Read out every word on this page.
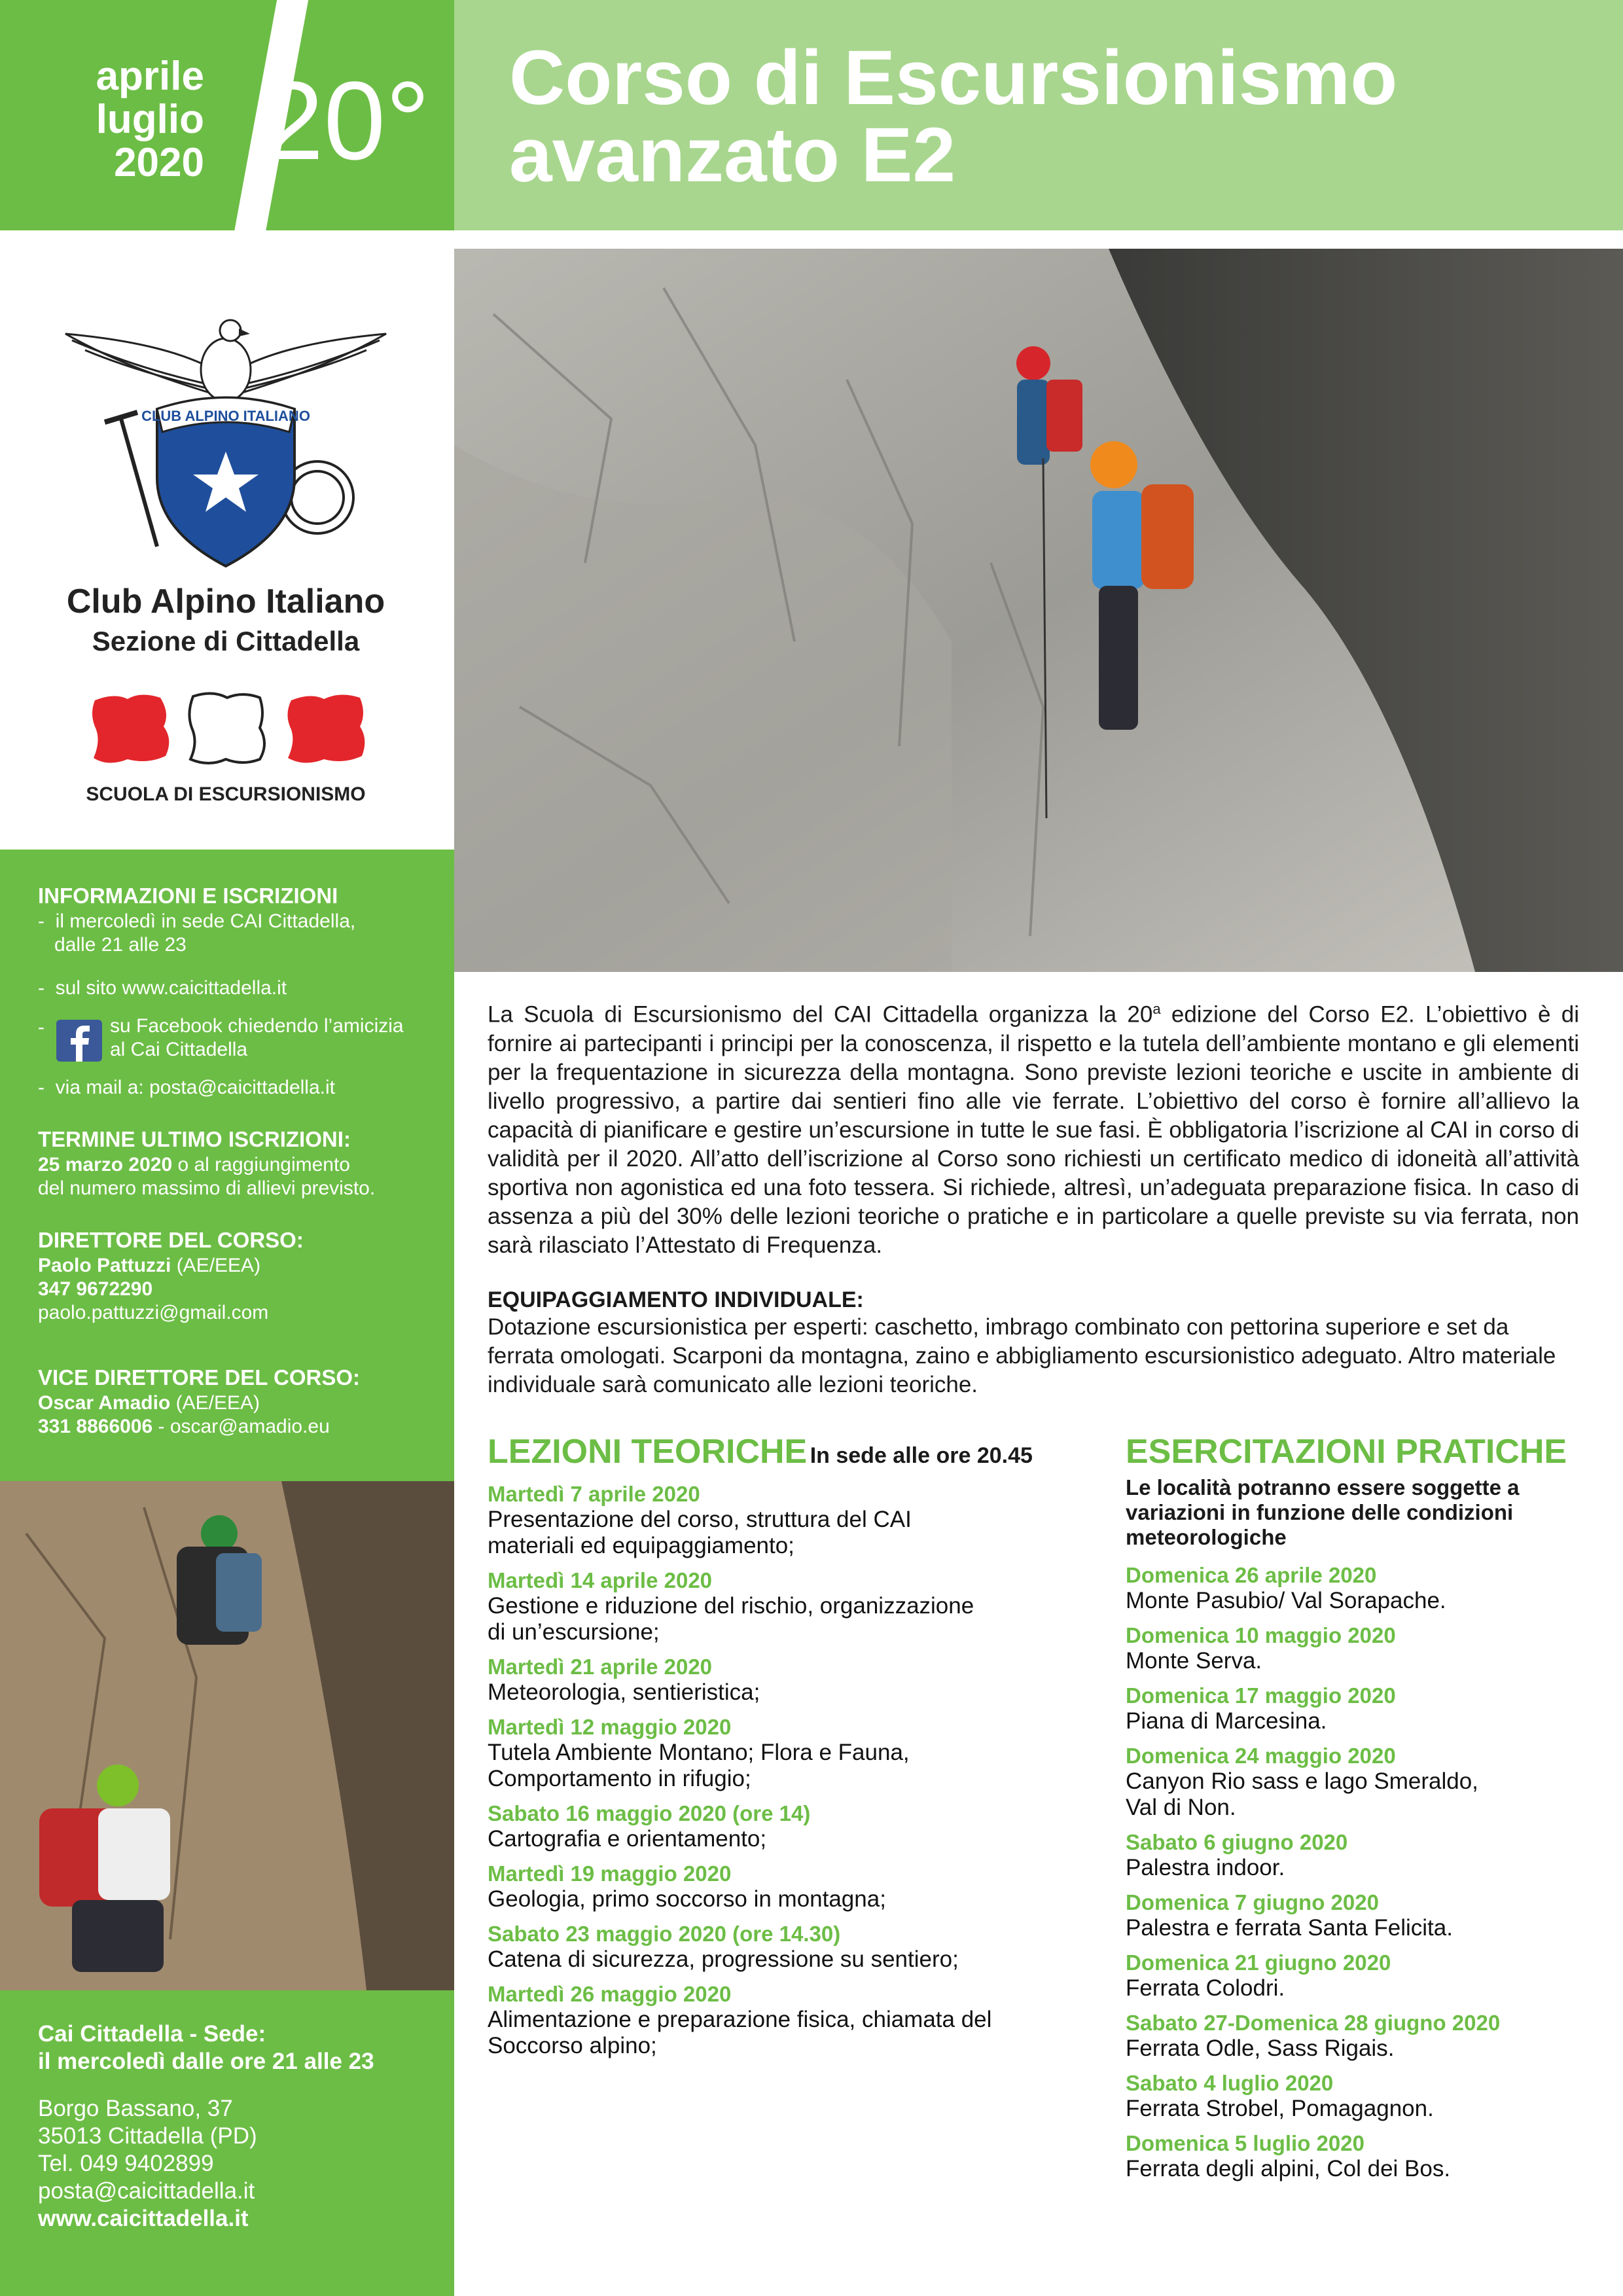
aprile
luglio
2020 20° Corso di Escursionismo
avanzato E2
CLUB ALPINO ITALIANO
Club Alpino Italiano
Sezione di Cittadella
SCUOLA DI ESCURSIONISMO
INFORMAZIONI E ISCRIZIONI
- il mercoledì in sede CAI Cittadella,
dalle 21 alle 23
- sul sito www.caicittadella.it
-	su Facebook chiedendo l’amicizia
al Cai Cittadella
- via mail a: posta@caicittadella.it
TERMINE ULTIMO ISCRIZIONI:
25 marzo 2020 o al raggiungimento
del numero massimo di allievi previsto.
DIRETTORE DEL CORSO:
Paolo Pattuzzi (AE/EEA)
347 9672290
paolo.pattuzzi@gmail.com
VICE DIRETTORE DEL CORSO:
Oscar Amadio (AE/EEA)
331 8866006 - oscar@amadio.eu
Cai Cittadella - Sede:
il mercoledì dalle ore 21 alle 23
Borgo Bassano, 37
35013 Cittadella (PD)
Tel. 049 9402899
posta@caicittadella.it
www.caicittadella.it
La Scuola di Escursionismo del CAI Cittadella organizza la 20$^a$ edizione del Corso E2. L’obiettivo è di fornire ai partecipanti i principi per la conoscenza, il rispetto e la tutela dell’ambiente montano e gli elementi per la frequentazione in sicurezza della montagna. Sono previste lezioni teoriche e uscite in ambiente di livello progressivo, a partire dai sentieri fino alle vie ferrate. L’obiettivo del corso è fornire all’allievo la capacità di pianificare e gestire un’escursione in tutte le sue fasi. È obbligatoria l’iscrizione al CAI in corso di validità per il 2020. All’atto dell’iscrizione al Corso sono richiesti un certificato medico di idoneità all’attività sportiva non agonistica ed una foto tessera. Si richiede, altresì, un’adeguata preparazione fisica. In caso di assenza a più del 30% delle lezioni teoriche o pratiche e in particolare a quelle previste su via ferrata, non sarà rilasciato l’Attestato di Frequenza.
EQUIPAGGIAMENTO INDIVIDUALE:
Dotazione escursionistica per esperti: caschetto, imbrago combinato con pettorina superiore e set da ferrata omologati. Scarponi da montagna, zaino e abbigliamento escursionistico adeguato. Altro materiale individuale sarà comunicato alle lezioni teoriche.
LEZIONI TEORICHE In sede alle ore 20.45
Martedì 7 aprile 2020
Presentazione del corso, struttura del CAI
materiali ed equipaggiamento;
Martedì 14 aprile 2020
Gestione e riduzione del rischio, organizzazione
di un’escursione;
Martedì 21 aprile 2020
Meteorologia, sentieristica;
Martedì 12 maggio 2020
Tutela Ambiente Montano; Flora e Fauna,
Comportamento in rifugio;
Sabato 16 maggio 2020 (ore 14)
Cartografia e orientamento;
Martedì 19 maggio 2020
Geologia, primo soccorso in montagna;
Sabato 23 maggio 2020 (ore 14.30)
Catena di sicurezza, progressione su sentiero;
Martedì 26 maggio 2020
Alimentazione e preparazione fisica, chiamata del
Soccorso alpino;
ESERCITAZIONI PRATICHE
Le località potranno essere soggette a
variazioni in funzione delle condizioni
meteorologiche
Domenica 26 aprile 2020
Monte Pasubio/ Val Sorapache.
Domenica 10 maggio 2020
Monte Serva.
Domenica 17 maggio 2020
Piana di Marcesina.
Domenica 24 maggio 2020
Canyon Rio sass e lago Smeraldo,
Val di Non.
Sabato 6 giugno 2020
Palestra indoor.
Domenica 7 giugno 2020
Palestra e ferrata Santa Felicita.
Domenica 21 giugno 2020
Ferrata Colodri.
Sabato 27-Domenica 28 giugno 2020
Ferrata Odle, Sass Rigais.
Sabato 4 luglio 2020
Ferrata Strobel, Pomagagnon.
Domenica 5 luglio 2020
Ferrata degli alpini, Col dei Bos.
